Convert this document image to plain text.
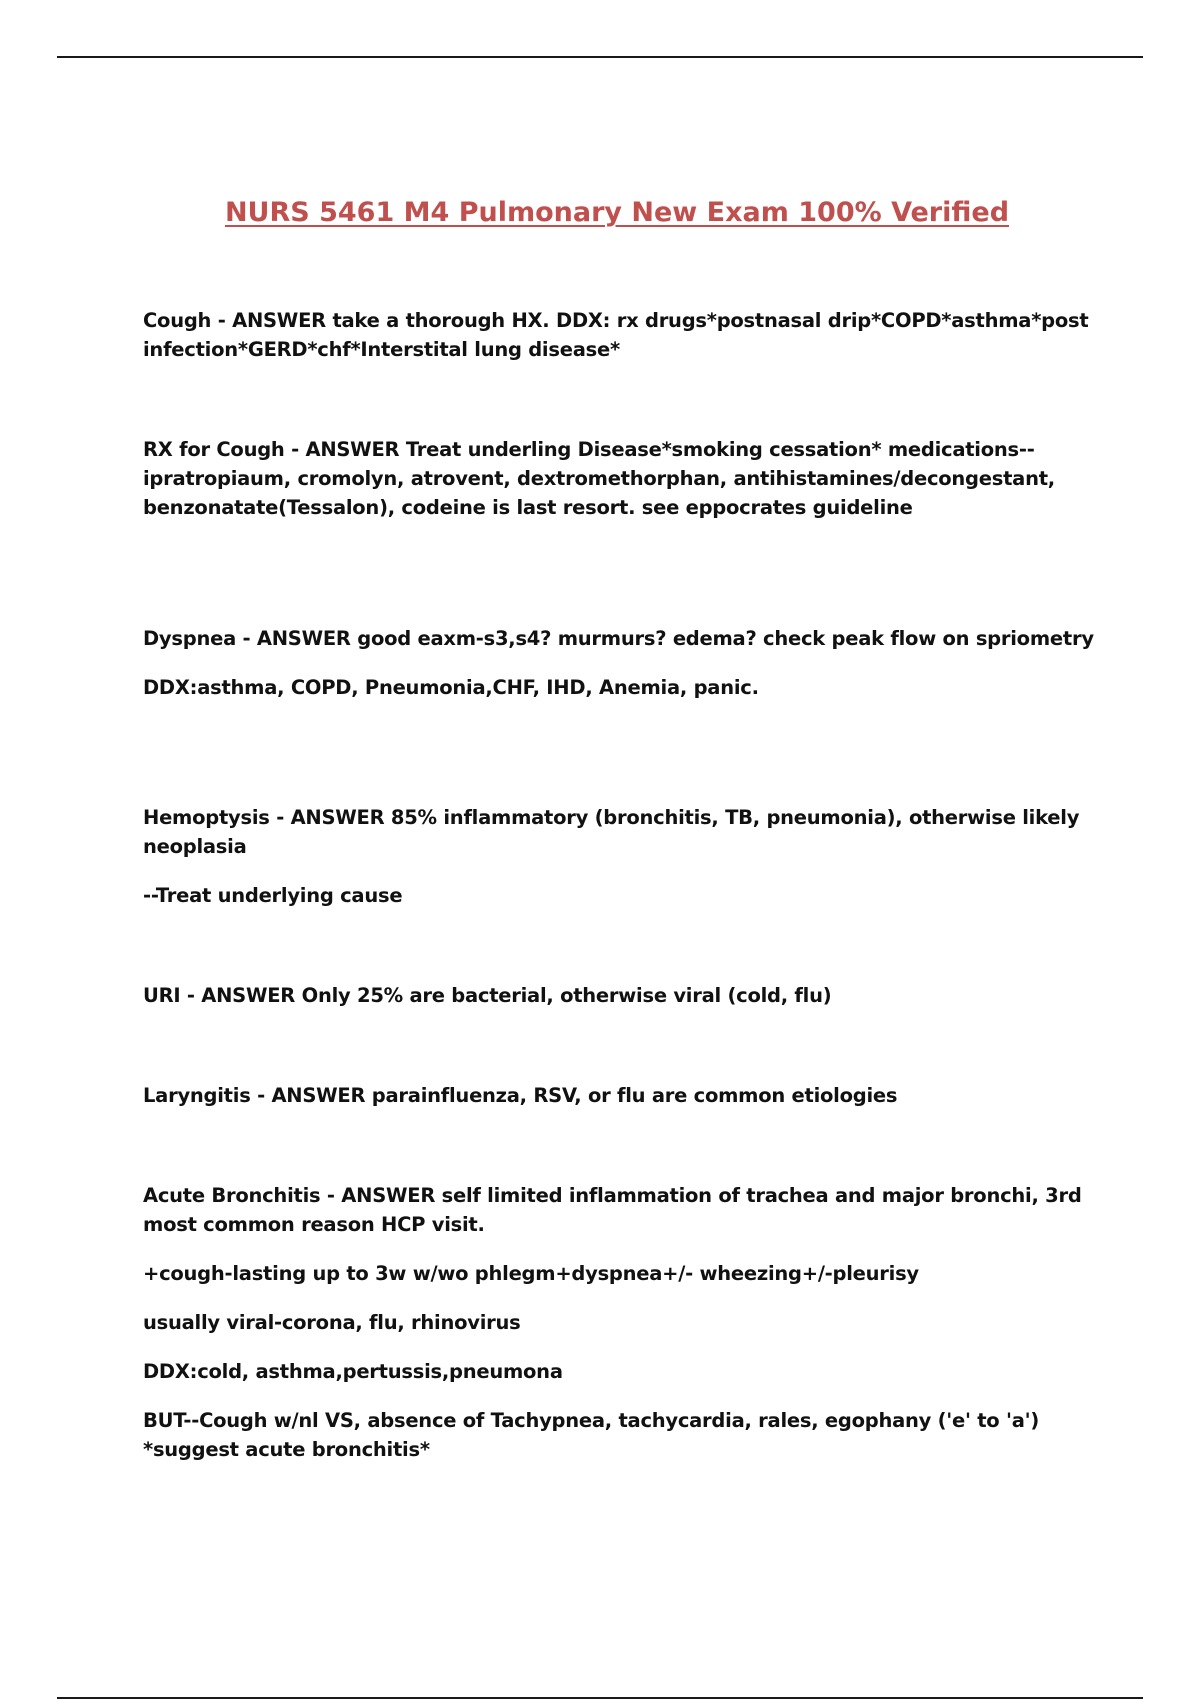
NURS 5461 M4 Pulmonary New Exam 100% Verified

Cough - ANSWER take a thorough HX. DDX: rx drugs*postnasal drip*COPD*asthma*post infection*GERD*chf*Interstital lung disease*

RX for Cough - ANSWER Treat underling Disease*smoking cessation* medications--ipratropiaum, cromolyn, atrovent, dextromethorphan, antihistamines/decongestant, benzonatate(Tessalon), codeine is last resort. see eppocrates guideline

Dyspnea - ANSWER good eaxm-s3,s4? murmurs? edema? check peak flow on spriometry

DDX:asthma, COPD, Pneumonia,CHF, IHD, Anemia, panic.

Hemoptysis - ANSWER 85% inflammatory (bronchitis, TB, pneumonia), otherwise likely neoplasia

--Treat underlying cause

URI - ANSWER Only 25% are bacterial, otherwise viral (cold, flu)

Laryngitis - ANSWER parainfluenza, RSV, or flu are common etiologies

Acute Bronchitis - ANSWER self limited inflammation of trachea and major bronchi, 3rd most common reason HCP visit.

+cough-lasting up to 3w w/wo phlegm+dyspnea+/- wheezing+/-pleurisy

usually viral-corona, flu, rhinovirus

DDX:cold, asthma,pertussis,pneumona

BUT--Cough w/nl VS, absence of Tachypnea, tachycardia, rales, egophany ('e' to 'a') *suggest acute bronchitis*
